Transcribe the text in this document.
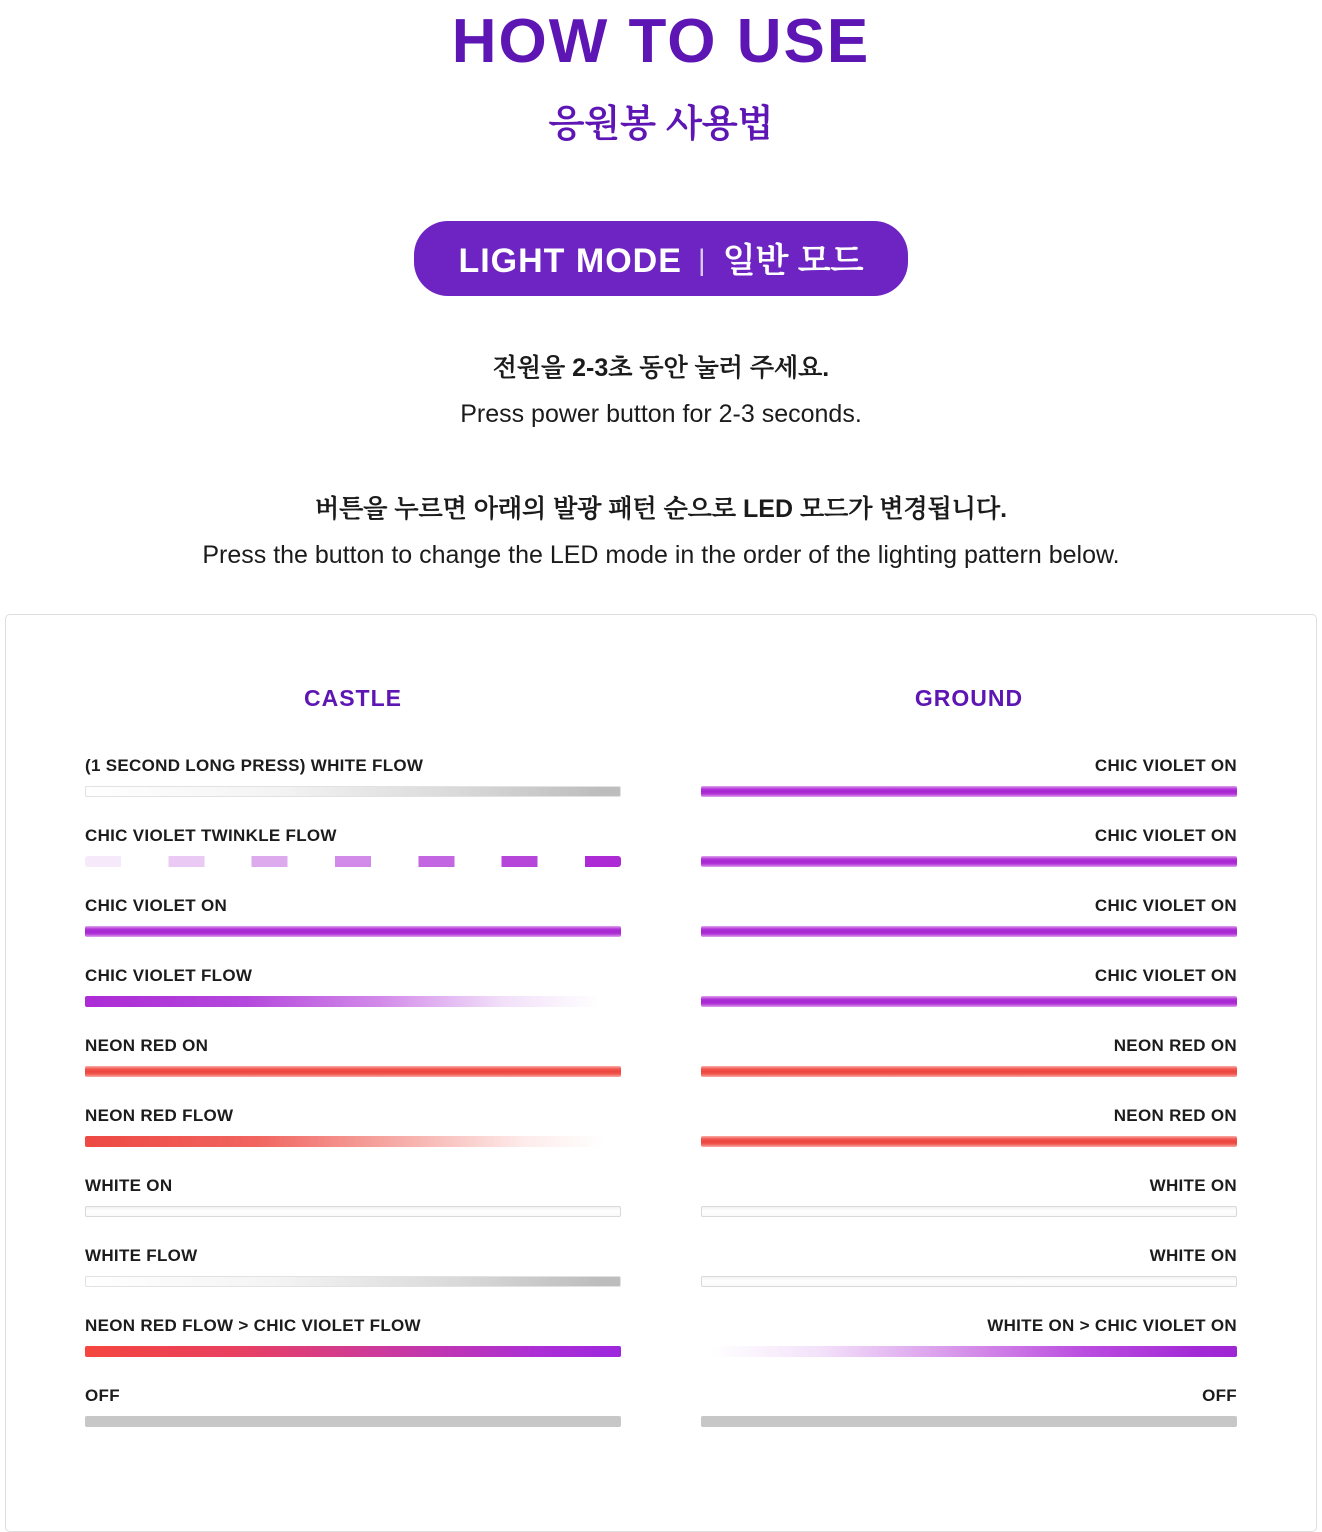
HOW TO USE
응원봉 사용법
LIGHT MODE | 일반 모드
전원을 2-3초 동안 눌러 주세요.
Press power button for 2-3 seconds.
버튼을 누르면 아래의 발광 패턴 순으로 LED 모드가 변경됩니다.
Press the button to change the LED mode in the order of the lighting pattern below.
CASTLE	GROUND
(1 SECOND LONG PRESS) WHITE FLOW	CHIC VIOLET ON
CHIC VIOLET TWINKLE FLOW	CHIC VIOLET ON
CHIC VIOLET ON	CHIC VIOLET ON
CHIC VIOLET FLOW	CHIC VIOLET ON
NEON RED ON	NEON RED ON
NEON RED FLOW	NEON RED ON
WHITE ON	WHITE ON
WHITE FLOW	WHITE ON
NEON RED FLOW > CHIC VIOLET FLOW	WHITE ON > CHIC VIOLET ON
OFF	OFF
